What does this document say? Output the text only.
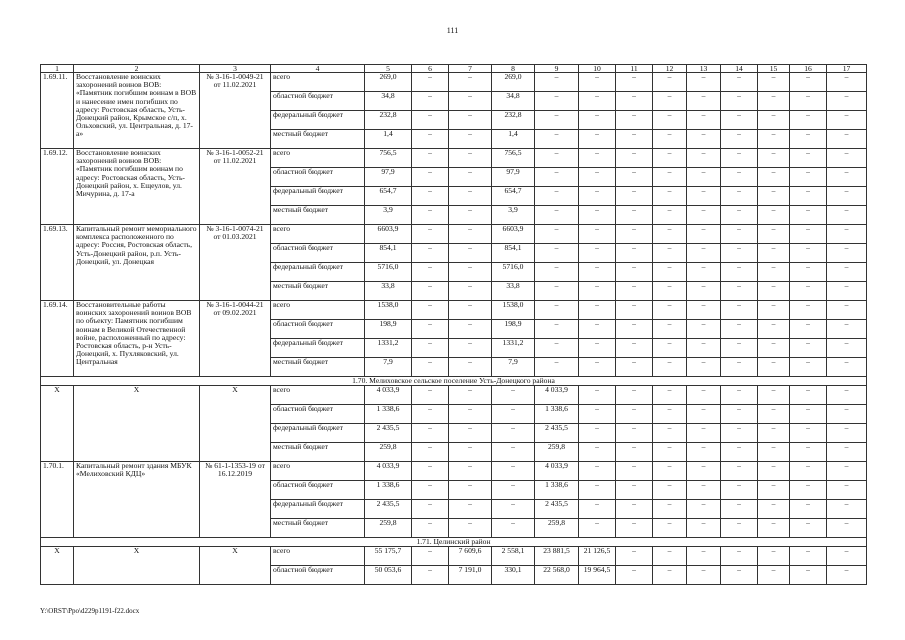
111
1	2	3	4	5	6	7	8	9	10	11	12	13	14	15	16	17
1.69.11.	Восстановление воинских захоронений воинов ВОВ: «Памятник погибшим воинам в ВОВ и нанесение имен погибших по адресу: Ростовская область, Усть-Донецкий район, Крымское с/п, х. Ольховский, ул. Центральная, д. 17-а»	№ 3-16-1-0049-21 от 11.02.2021	всего	269,0	–	–	269,0	–	–	–	–	–	–	–	–	–
			областной бюджет	34,8	–	–	34,8	–	–	–	–	–	–	–	–	–
			федеральный бюджет	232,8	–	–	232,8	–	–	–	–	–	–	–	–	–
			местный бюджет	1,4	–	–	1,4	–	–	–	–	–	–	–	–	–
1.69.12.	Восстановление воинских захоронений воинов ВОВ: «Памятник погибшим воинам по адресу: Ростовская область, Усть-Донецкий район, х. Ещеулов, ул. Мичурина, д. 17-а	№ 3-16-1-0052-21 от 11.02.2021	всего	756,5	–	–	756,5	–	–	–	–	–	–	–	–	–
			областной бюджет	97,9	–	–	97,9	–	–	–	–	–	–	–	–	–
			федеральный бюджет	654,7	–	–	654,7	–	–	–	–	–	–	–	–	–
			местный бюджет	3,9	–	–	3,9	–	–	–	–	–	–	–	–	–
1.69.13.	Капитальный ремонт мемориального комплекса расположенного по адресу: Россия, Ростовская область, Усть-Донецкий район, р.п. Усть-Донецкий, ул. Донецкая	№ 3-16-1-0074-21 от 01.03.2021	всего	6603,9	–	–	6603,9	–	–	–	–	–	–	–	–	–
			областной бюджет	854,1	–	–	854,1	–	–	–	–	–	–	–	–	–
			федеральный бюджет	5716,0	–	–	5716,0	–	–	–	–	–	–	–	–	–
			местный бюджет	33,8	–	–	33,8	–	–	–	–	–	–	–	–	–
1.69.14.	Восстановительные работы воинских захоронений воинов ВОВ по объекту: Памятник погибшим воинам в Великой Отечественной войне, расположенный по адресу: Ростовская область, р-н Усть-Донецкий, х. Пухляковский, ул. Центральная	№ 3-16-1-0044-21 от 09.02.2021	всего	1538,0	–	–	1538,0	–	–	–	–	–	–	–	–	–
			областной бюджет	198,9	–	–	198,9	–	–	–	–	–	–	–	–	–
			федеральный бюджет	1331,2	–	–	1331,2	–	–	–	–	–	–	–	–	–
			местный бюджет	7,9	–	–	7,9	–	–	–	–	–	–	–	–	–
1.70. Мелиховское сельское поселение Усть-Донецкого района																
Х	Х	Х	всего	4 033,9	–	–	–	4 033,9	–	–	–	–	–	–	–	–
			областной бюджет	1 338,6	–	–	–	1 338,6	–	–	–	–	–	–	–	–
			федеральный бюджет	2 435,5	–	–	–	2 435,5	–	–	–	–	–	–	–	–
			местный бюджет	259,8	–	–	–	259,8	–	–	–	–	–	–	–	–
1.70.1.	Капитальный ремонт здания МБУК «Мелиховский КДЦ»	№ 61-1-1353-19 от 16.12.2019	всего	4 033,9	–	–	–	4 033,9	–	–	–	–	–	–	–	–
			областной бюджет	1 338,6	–	–	–	1 338,6	–	–	–	–	–	–	–	–
			федеральный бюджет	2 435,5	–	–	–	2 435,5	–	–	–	–	–	–	–	–
			местный бюджет	259,8	–	–	–	259,8	–	–	–	–	–	–	–	–
1.71. Целинский район																
Х	Х	Х	всего	55 175,7	–	7 609,6	2 558,1	23 881,5	21 126,5	–	–	–	–	–	–	–
			областной бюджет	50 053,6	–	7 191,0	330,1	22 568,0	19 964,5	–	–	–	–	–	–	–
Y:\ORST\Ppo\d229p1191-f22.docx
